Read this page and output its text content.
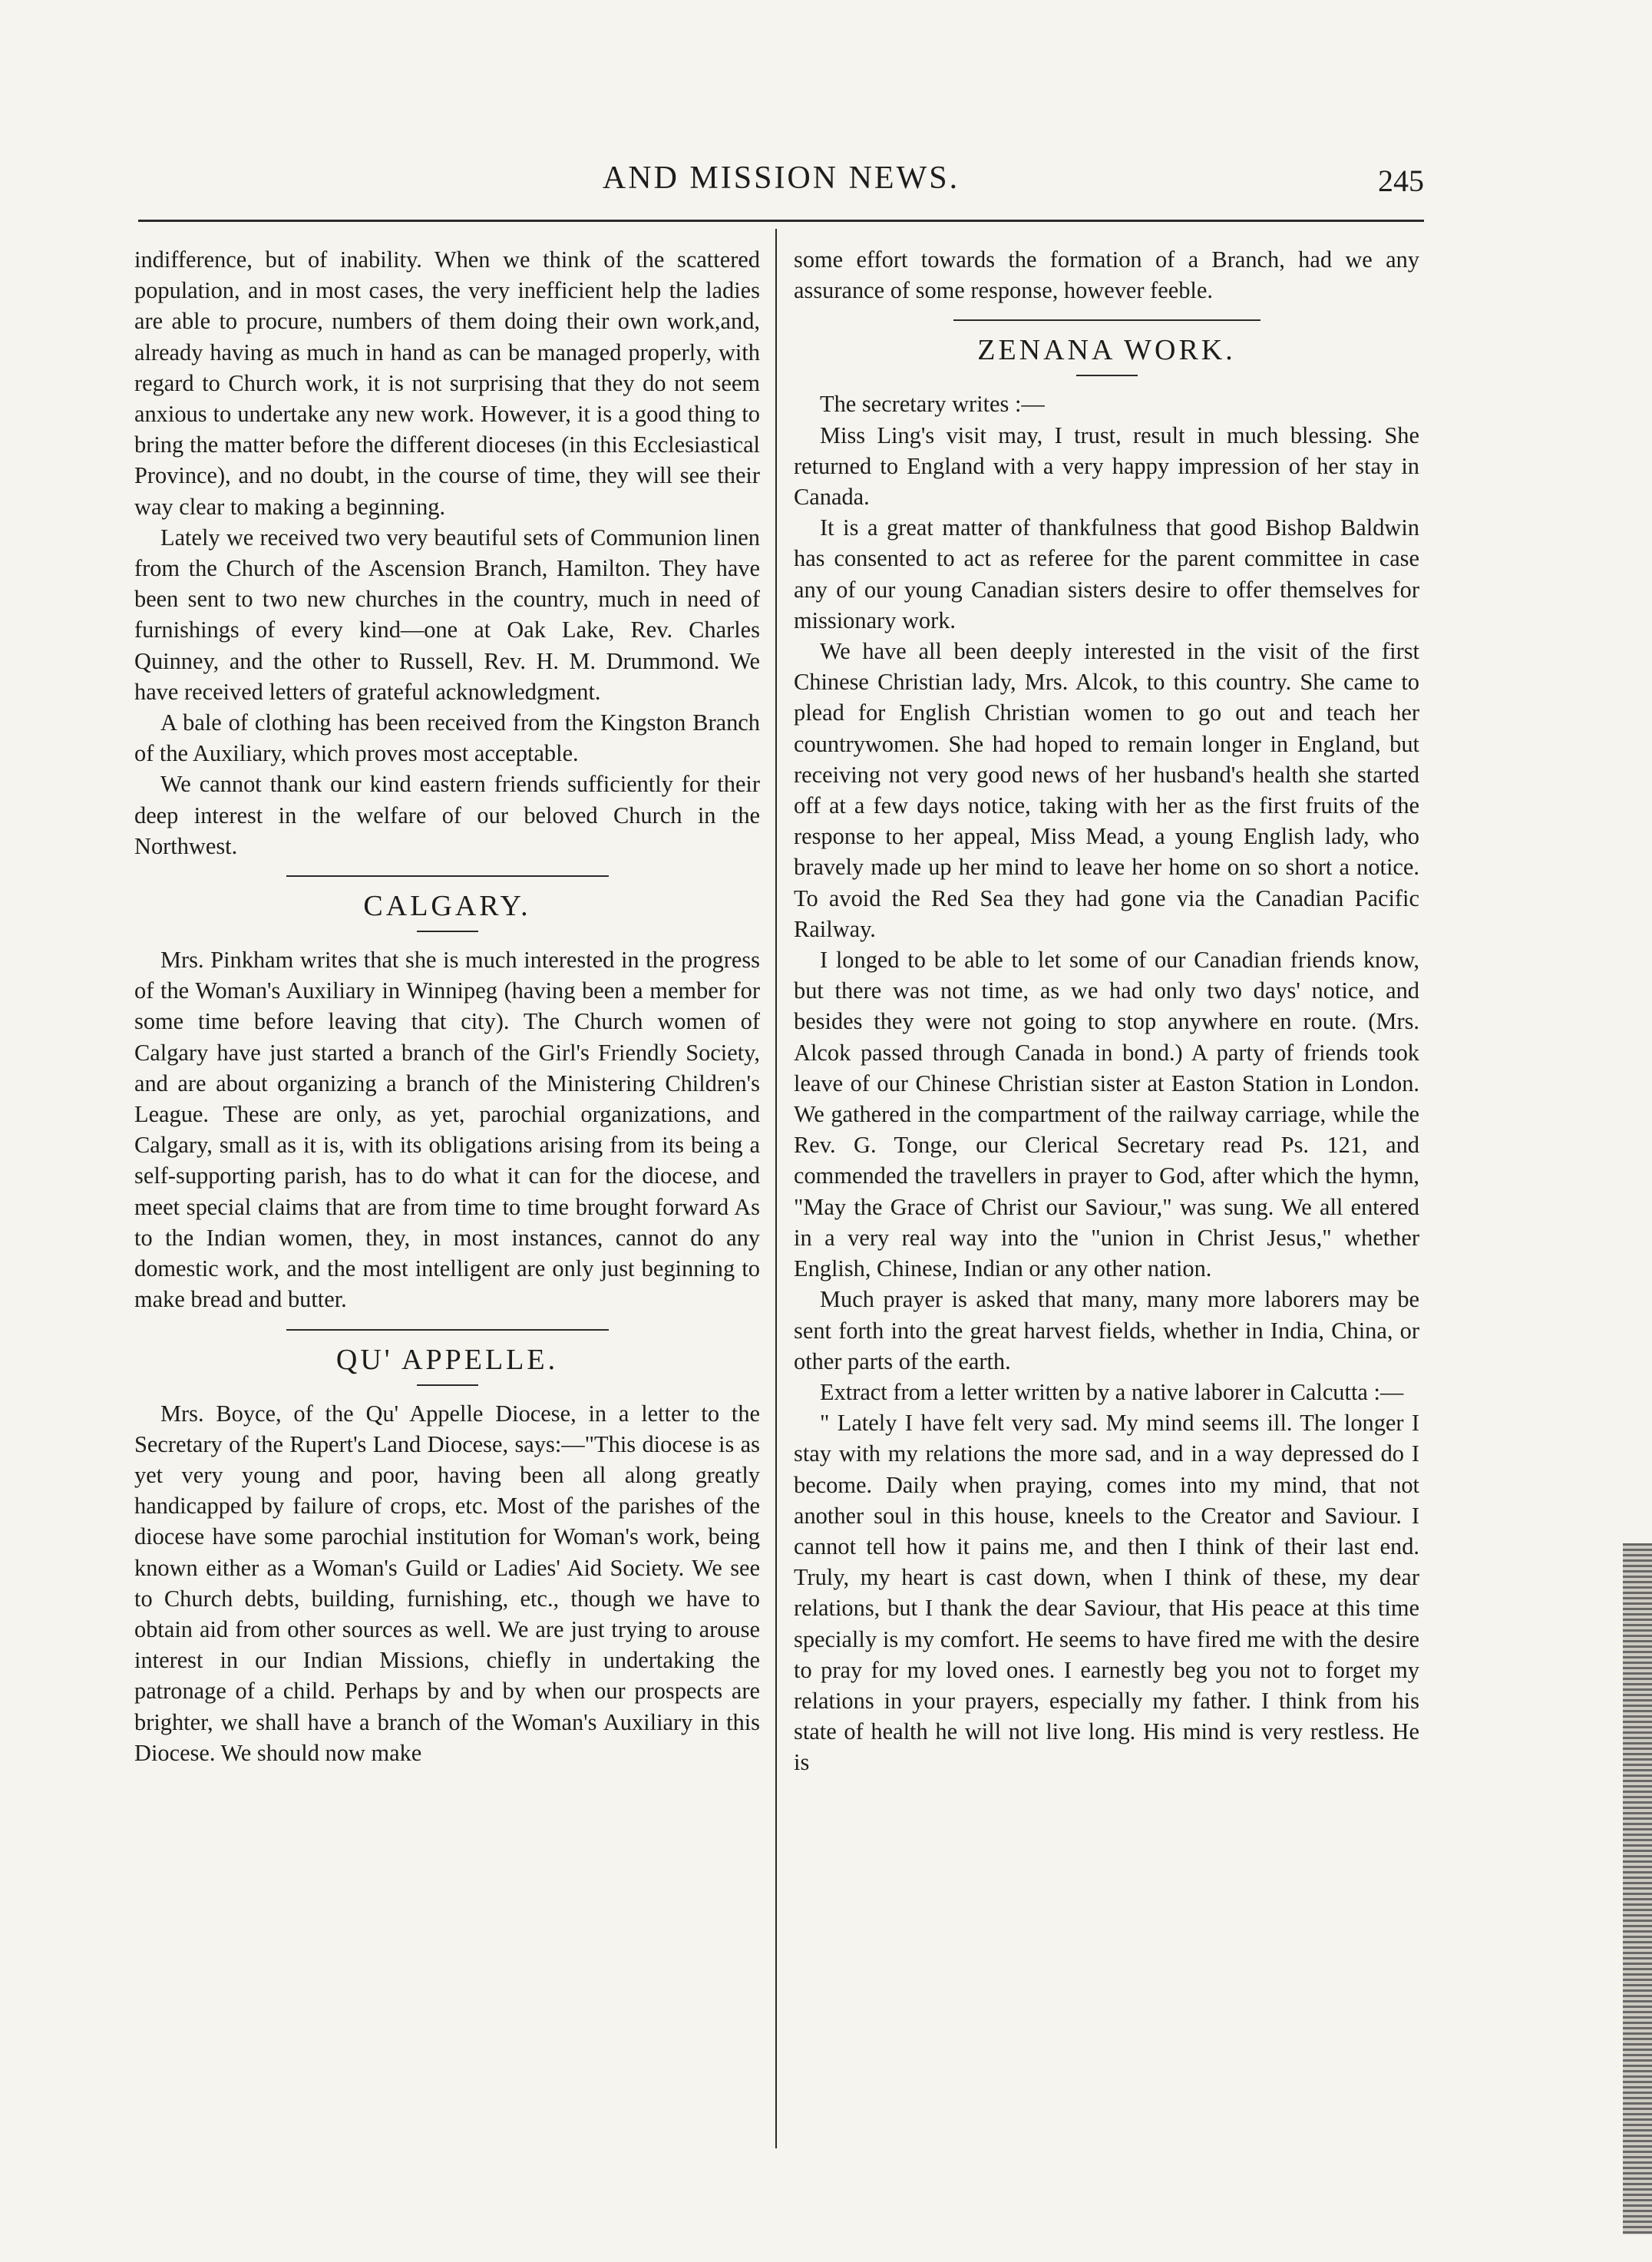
AND MISSION NEWS.	245

indifference, but of inability. When we think of the scattered population, and in most cases, the very inefficient help the ladies are able to procure, numbers of them doing their own work,and, already having as much in hand as can be managed properly, with regard to Church work, it is not surprising that they do not seem anxious to undertake any new work. However, it is a good thing to bring the matter before the different dioceses (in this Ecclesiastical Province), and no doubt, in the course of time, they will see their way clear to making a beginning.

Lately we received two very beautiful sets of Communion linen from the Church of the Ascension Branch, Hamilton. They have been sent to two new churches in the country, much in need of furnishings of every kind—one at Oak Lake, Rev. Charles Quinney, and the other to Russell, Rev. H. M. Drummond. We have received letters of grateful acknowledgment.

A bale of clothing has been received from the Kingston Branch of the Auxiliary, which proves most acceptable.

We cannot thank our kind eastern friends sufficiently for their deep interest in the welfare of our beloved Church in the Northwest.

CALGARY.

Mrs. Pinkham writes that she is much interested in the progress of the Woman's Auxiliary in Winnipeg (having been a member for some time before leaving that city). The Church women of Calgary have just started a branch of the Girl's Friendly Society, and are about organizing a branch of the Ministering Children's League. These are only, as yet, parochial organizations, and Calgary, small as it is, with its obligations arising from its being a self-supporting parish, has to do what it can for the diocese, and meet special claims that are from time to time brought forward As to the Indian women, they, in most instances, cannot do any domestic work, and the most intelligent are only just beginning to make bread and butter.

QU' APPELLE.

Mrs. Boyce, of the Qu' Appelle Diocese, in a letter to the Secretary of the Rupert's Land Diocese, says:—"This diocese is as yet very young and poor, having been all along greatly handicapped by failure of crops, etc. Most of the parishes of the diocese have some parochial institution for Woman's work, being known either as a Woman's Guild or Ladies' Aid Society. We see to Church debts, building, furnishing, etc., though we have to obtain aid from other sources as well. We are just trying to arouse interest in our Indian Missions, chiefly in undertaking the patronage of a child. Perhaps by and by when our prospects are brighter, we shall have a branch of the Woman's Auxiliary in this Diocese. We should now make

some effort towards the formation of a Branch, had we any assurance of some response, however feeble.

ZENANA WORK.

The secretary writes :—

Miss Ling's visit may, I trust, result in much blessing. She returned to England with a very happy impression of her stay in Canada.

It is a great matter of thankfulness that good Bishop Baldwin has consented to act as referee for the parent committee in case any of our young Canadian sisters desire to offer themselves for missionary work.

We have all been deeply interested in the visit of the first Chinese Christian lady, Mrs. Alcok, to this country. She came to plead for English Christian women to go out and teach her countrywomen. She had hoped to remain longer in England, but receiving not very good news of her husband's health she started off at a few days notice, taking with her as the first fruits of the response to her appeal, Miss Mead, a young English lady, who bravely made up her mind to leave her home on so short a notice. To avoid the Red Sea they had gone via the Canadian Pacific Railway.

I longed to be able to let some of our Canadian friends know, but there was not time, as we had only two days' notice, and besides they were not going to stop anywhere en route. (Mrs. Alcok passed through Canada in bond.) A party of friends took leave of our Chinese Christian sister at Easton Station in London. We gathered in the compartment of the railway carriage, while the Rev. G. Tonge, our Clerical Secretary read Ps. 121, and commended the travellers in prayer to God, after which the hymn, "May the Grace of Christ our Saviour," was sung. We all entered in a very real way into the "union in Christ Jesus," whether English, Chinese, Indian or any other nation.

Much prayer is asked that many, many more laborers may be sent forth into the great harvest fields, whether in India, China, or other parts of the earth.

Extract from a letter written by a native laborer in Calcutta :—

" Lately I have felt very sad. My mind seems ill. The longer I stay with my relations the more sad, and in a way depressed do I become. Daily when praying, comes into my mind, that not another soul in this house, kneels to the Creator and Saviour. I cannot tell how it pains me, and then I think of their last end. Truly, my heart is cast down, when I think of these, my dear relations, but I thank the dear Saviour, that His peace at this time specially is my comfort. He seems to have fired me with the desire to pray for my loved ones. I earnestly beg you not to forget my relations in your prayers, especially my father. I think from his state of health he will not live long. His mind is very restless. He is
